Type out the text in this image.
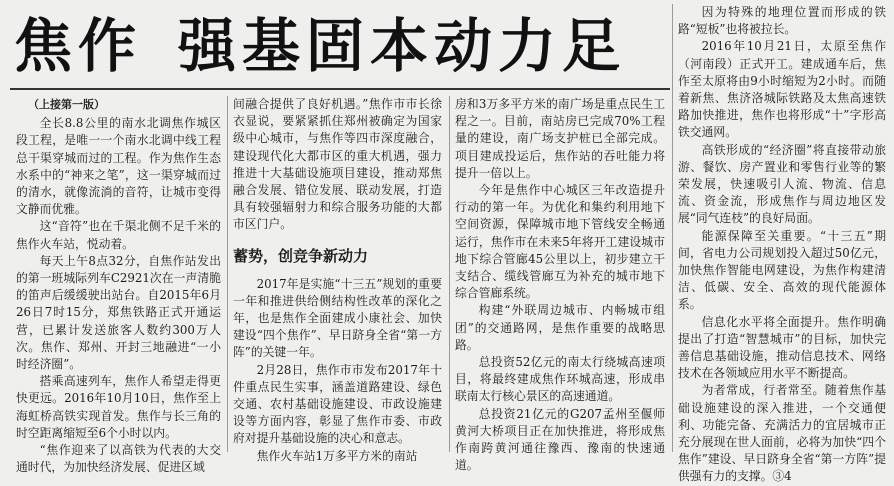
焦作 强基固本动力足

（上接第一版）

全长8.8公里的南水北调焦作城区段工程，是唯一一个南水北调中线工程总干渠穿城而过的工程。作为焦作生态水系中的“神来之笔”，这一渠穿城而过的清水，就像流淌的音符，让城市变得文静而优雅。

这“音符”也在千渠北侧不足千米的焦作火车站，悦动着。

每天上午8点32分，自焦作站发出的第一班城际列车C2921次在一声清脆的笛声后缓缓驶出站台。自2015年6月26日7时15分，郑焦铁路正式开通运营，已累计发送旅客人数约300万人次。焦作、郑州、开封三地融进“一小时经济圈”。

搭乘高速列车，焦作人希望走得更快更远。2016年10月10日，焦作至上海虹桥高铁实现首发。焦作与长三角的时空距离缩短至6个小时以内。

“焦作迎来了以高铁为代表的大交通时代，为加快经济发展、促进区域

间融合提供了良好机遇。”焦作市市长徐衣显说，要紧紧抓住郑州被确定为国家级中心城市，与焦作等四市深度融合，建设现代化大都市区的重大机遇，强力推进十大基础设施项目建设，推动郑焦融合发展、错位发展、联动发展，打造具有较强辐射力和综合服务功能的大都市区门户。

蓄势，创竞争新动力

2017年是实施“十三五”规划的重要一年和推进供给侧结构性改革的深化之年，也是焦作全面建成小康社会、加快建设“四个焦作”、早日跻身全省“第一方阵”的关键一年。

2月28日，焦作市市发布2017年十件重点民生实事，涵盖道路建设、绿色交通、农村基础设施建设、市政设施建设等方面内容，彰显了焦作市委、市政府对提升基础设施的决心和意志。

焦作火车站1万多平方米的南站

房和3万多平方米的南广场是重点民生工程之一。目前，南站房已完成70%工程量的建设，南广场支护桩已全部完成。项目建成投运后，焦作站的吞吐能力将提升一倍以上。

今年是焦作中心城区三年改造提升行动的第一年。为优化和集约利用地下空间资源，保障城市地下管线安全畅通运行，焦作市在未来5年将开工建设城市地下综合管廊45公里以上，初步建立干支结合、缆线管廊互为补充的城市地下综合管廊系统。

构建“外联周边城市、内畅城市组团”的交通路网，是焦作重要的战略思路。

总投资52亿元的南太行绕城高速项目，将最终建成焦作环城高速，形成串联南太行核心景区的高速通道。

总投资21亿元的G207孟州至偃师黄河大桥项目正在加快推进，将形成焦作南跨黄河通往豫西、豫南的快速通道。

因为特殊的地理位置而形成的铁路“短板”也将被拉长。

2016年10月21日，太原至焦作（河南段）正式开工。建成通车后，焦作至太原将由9小时缩短为2小时。而随着新焦、焦济洛城际铁路及太焦高速铁路加快推进，焦作也将形成“十”字形高铁交通网。

高铁形成的“经济圈”将直接带动旅游、餐饮、房产置业和零售行业等的繁荣发展，快速吸引人流、物流、信息流、资金流，形成焦作与周边地区发展“同气连枝”的良好局面。

能源保障至关重要。“十三五”期间，省电力公司规划投入超过50亿元，加快焦作智能电网建设，为焦作构建清洁、低碳、安全、高效的现代能源体系。

信息化水平将全面提升。焦作明确提出了打造“智慧城市”的目标，加快完善信息基础设施，推动信息技术、网络技术在各领域应用水平不断提高。

为者常成，行者常至。随着焦作基础设施建设的深入推进，一个交通便利、功能完备、充满活力的宜居城市正充分展现在世人面前，必将为加快“四个焦作”建设、早日跻身全省“第一方阵”提供强有力的支撑。③4
